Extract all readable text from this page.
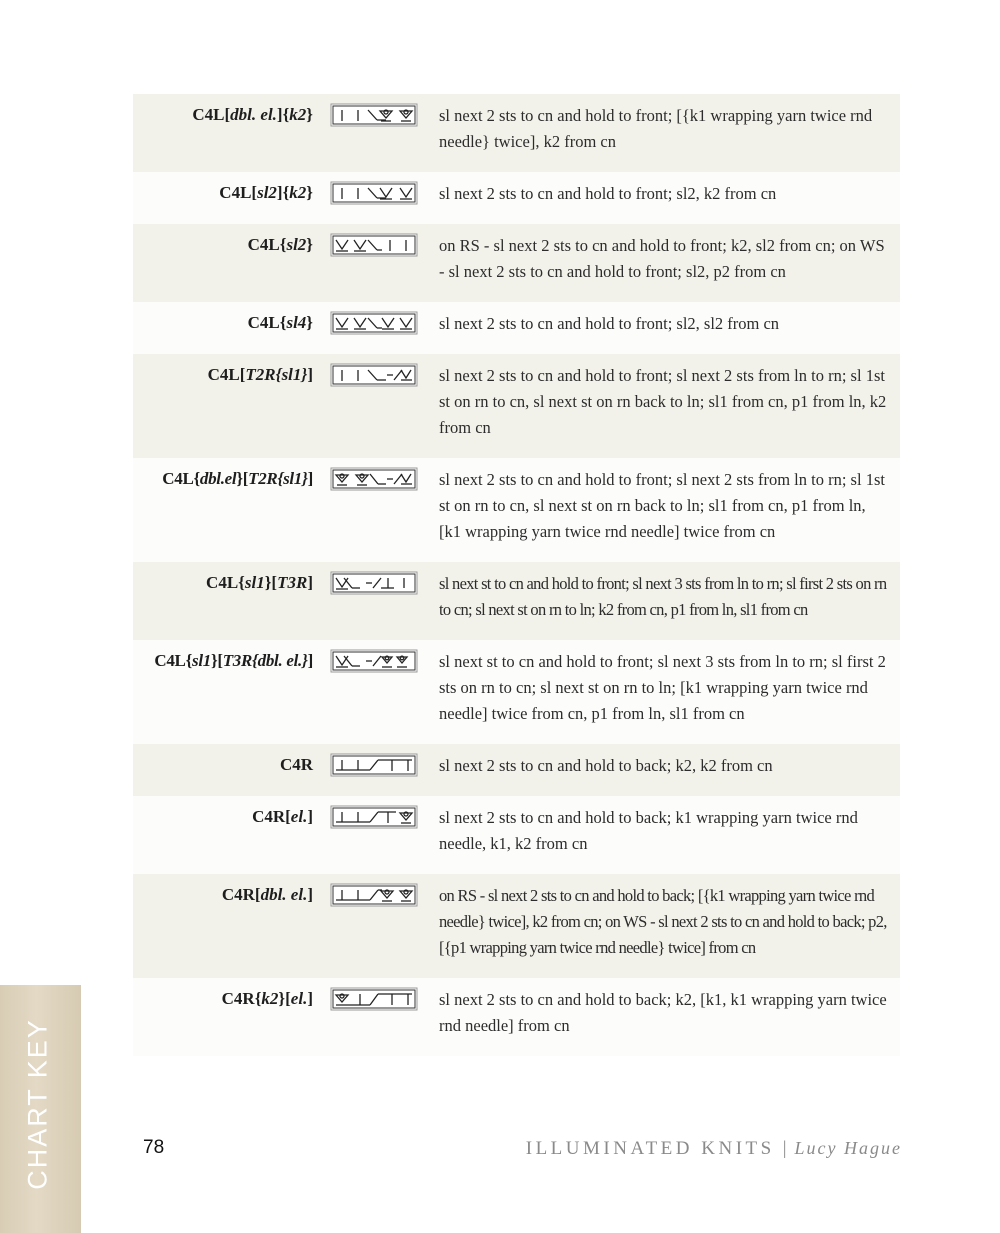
C4L[dbl. el.]{k2}	sl next 2 sts to cn and hold to front; [{k1 wrapping yarn twice rnd needle} twice], k2 from cn
C4L[sl2]{k2}	sl next 2 sts to cn and hold to front; sl2, k2 from cn
C4L{sl2}	on RS - sl next 2 sts to cn and hold to front; k2, sl2 from cn; on WS - sl next 2 sts to cn and hold to front; sl2, p2 from cn
C4L{sl4}	sl next 2 sts to cn and hold to front; sl2, sl2 from cn
C4L[T2R{sl1}]	sl next 2 sts to cn and hold to front; sl next 2 sts from ln to rn; sl 1st st on rn to cn, sl next st on rn back to ln; sl1 from cn, p1 from ln, k2 from cn
C4L{dbl.el}[T2R{sl1}]	sl next 2 sts to cn and hold to front; sl next 2 sts from ln to rn; sl 1st st on rn to cn, sl next st on rn back to ln; sl1 from cn, p1 from ln, [k1 wrapping yarn twice rnd needle] twice from cn
C4L{sl1}[T3R]	sl next st to cn and hold to front; sl next 3 sts from ln to rn; sl first 2 sts on rn to cn; sl next st on rn to ln; k2 from cn, p1 from ln, sl1 from cn
C4L{sl1}[T3R{dbl. el.}]	sl next st to cn and hold to front; sl next 3 sts from ln to rn; sl first 2 sts on rn to cn; sl next st on rn to ln; [k1 wrapping yarn twice rnd needle] twice from cn, p1 from ln, sl1 from cn
C4R	sl next 2 sts to cn and hold to back; k2, k2 from cn
C4R[el.]	sl next 2 sts to cn and hold to back; k1 wrapping yarn twice rnd needle, k1, k2 from cn
C4R[dbl. el.]	on RS - sl next 2 sts to cn and hold to back; [{k1 wrapping yarn twice rnd needle} twice], k2 from cn; on WS - sl next 2 sts to cn and hold to back; p2, [{p1 wrapping yarn twice rnd needle} twice] from cn
C4R{k2}[el.]	sl next 2 sts to cn and hold to back; k2, [k1, k1 wrapping yarn twice rnd needle] from cn
CHART KEY	78	ILLUMINATED KNITS | Lucy Hague
